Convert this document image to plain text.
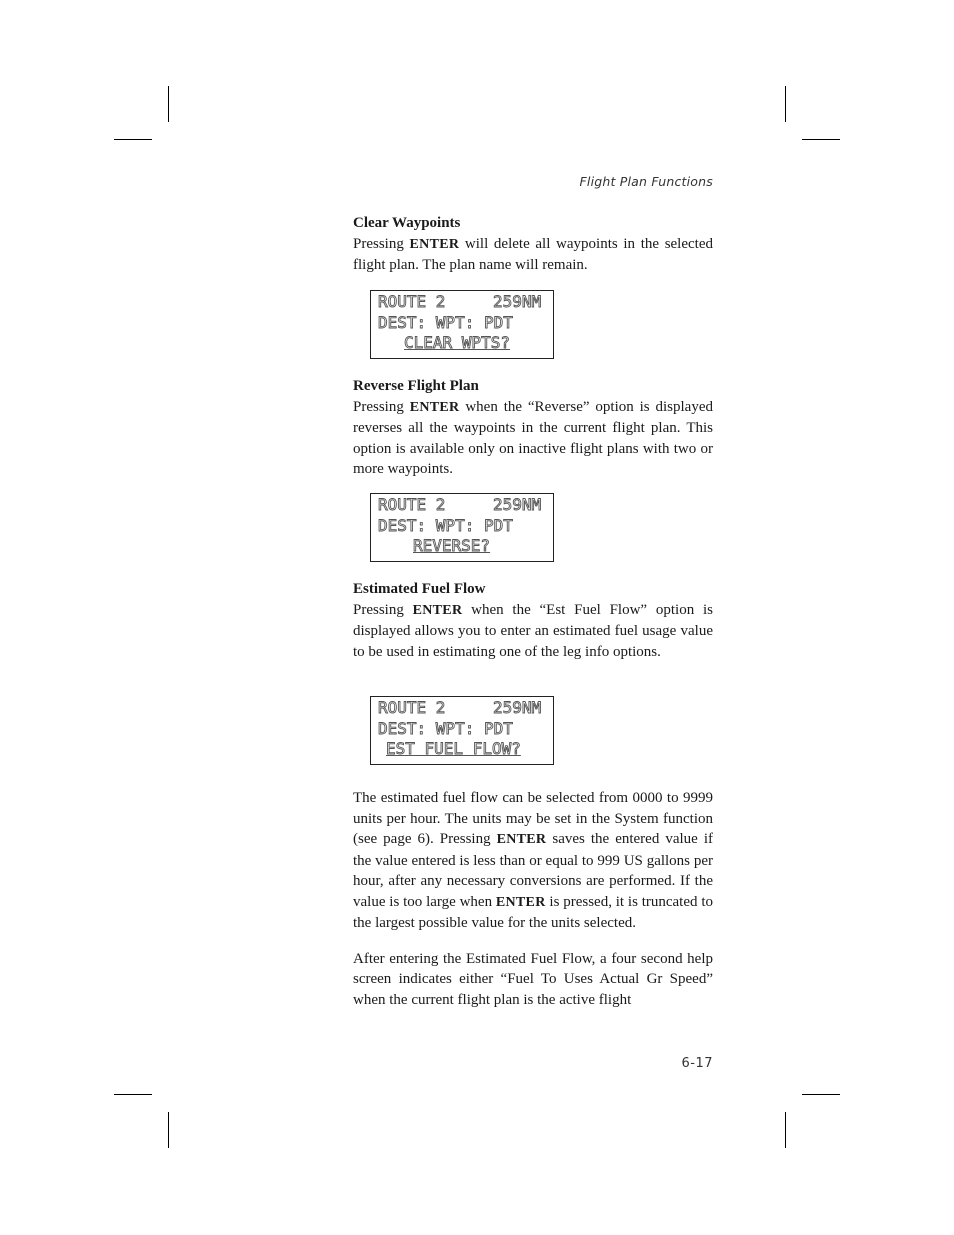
Flight Plan Functions

Clear Waypoints

Pressing ENTER will delete all waypoints in the selected flight plan. The plan name will remain.

ROUTE 2	259NM
DEST: WPT: PDT
CLEAR WPTS?

Reverse Flight Plan

Pressing ENTER when the “Reverse” option is displayed reverses all the waypoints in the current flight plan. This option is available only on inactive flight plans with two or more waypoints.

ROUTE 2	259NM
DEST: WPT: PDT
REVERSE?

Estimated Fuel Flow

Pressing ENTER when the “Est Fuel Flow” option is displayed allows you to enter an estimated fuel usage value to be used in estimating one of the leg info options.

ROUTE 2	259NM
DEST: WPT: PDT
EST FUEL FLOW?

The estimated fuel flow can be selected from 0000 to 9999 units per hour. The units may be set in the System function (see page 6). Pressing ENTER saves the entered value if the value entered is less than or equal to 999 US gallons per hour, after any necessary conversions are performed. If the value is too large when ENTER is pressed, it is truncated to the largest possible value for the units selected.

After entering the Estimated Fuel Flow, a four second help screen indicates either “Fuel To Uses Actual Gr Speed” when the current flight plan is the active flight

6-17
